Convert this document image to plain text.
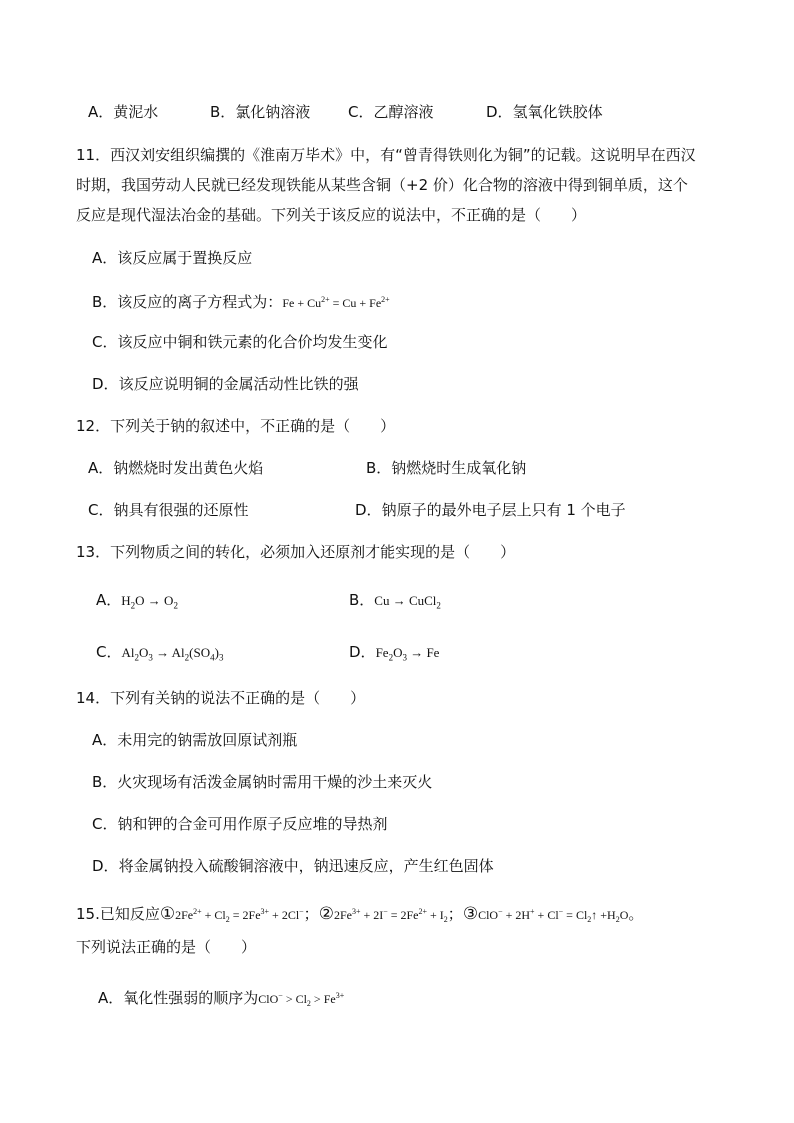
A．黄泥水	B．氯化钠溶液	C．乙醇溶液	D．氢氧化铁胶体
11．西汉刘安组织编撰的《淮南万毕术》中，有“曾青得铁则化为铜”的记载。这说明早在西汉
时期，我国劳动人民就已经发现铁能从某些含铜（+2 价）化合物的溶液中得到铜单质，这个
反应是现代湿法冶金的基础。下列关于该反应的说法中，不正确的是（　　）
A．该反应属于置换反应
B．该反应的离子方程式为：$Fe + Cu^{2+} = Cu + Fe^{2+}$
C．该反应中铜和铁元素的化合价均发生变化
D．该反应说明铜的金属活动性比铁的强
12．下列关于钠的叙述中，不正确的是（　　）
A．钠燃烧时发出黄色火焰	B．钠燃烧时生成氧化钠
C．钠具有很强的还原性	D．钠原子的最外电子层上只有 1 个电子
13．下列物质之间的转化，必须加入还原剂才能实现的是（　　）
A．$H_2O \to O_2$	B．Cu → CuCl$_2$
C．$Al_2O_3 \to Al_2(SO_4)_3$	D．$Fe_2O_3 \to Fe$
14．下列有关钠的说法不正确的是（　　）
A．未用完的钠需放回原试剂瓶
B．火灾现场有活泼金属钠时需用干燥的沙土来灭火
C．钠和钾的合金可用作原子反应堆的导热剂
D．将金属钠投入硫酸铜溶液中，钠迅速反应，产生红色固体
15.已知反应$①2Fe^{2+} + Cl_2 = 2Fe^{3+} + 2Cl^-$；$②2Fe^{3+} + 2I^- = 2Fe^{2+} + I_2$；③ClO− + $2H^+ + Cl^- = Cl_2↑ +H_2O$。
下列说法正确的是（　　）
A．氧化性强弱的顺序为$ClO^- > Cl_2 > Fe^{3+}$
